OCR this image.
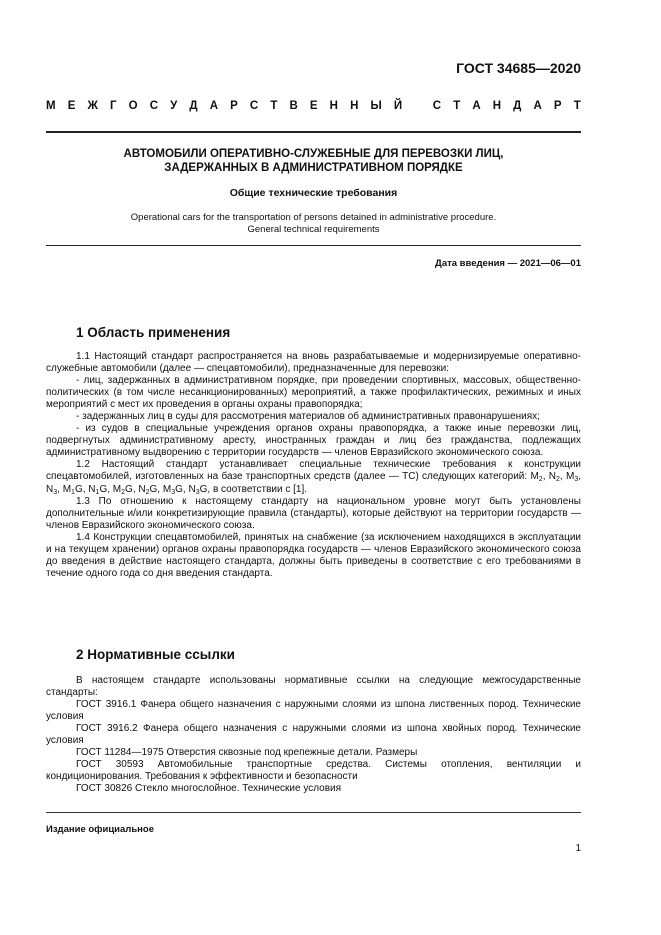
ГОСТ 34685—2020
М Е Ж Г О С У Д А Р С Т В Е Н Н Ы Й
	С Т А Н Д А Р Т
АВТОМОБИЛИ ОПЕРАТИВНО-СЛУЖЕБНЫЕ ДЛЯ ПЕРЕВОЗКИ ЛИЦ,
ЗАДЕРЖАННЫХ В АДМИНИСТРАТИВНОМ ПОРЯДКЕ
Общие технические требования
Operational cars for the transportation of persons detained in administrative procedure.
General technical requirements
Дата введения — 2021—06—01
1 Область применения

1.1 Настоящий стандарт распространяется на вновь разрабатываемые и модернизируемые оперативно-служебные автомобили (далее — спецавтомобили), предназначенные для перевозки:

- лиц, задержанных в административном порядке, при проведении спортивных, массовых, общественно-политических (в том числе несанкционированных) мероприятий, а также профилактических, режимных и иных мероприятий с мест их проведения в органы охраны правопорядка;

- задержанных лиц в суды для рассмотрения материалов об административных правонарушениях;

- из судов в специальные учреждения органов охраны правопорядка, а также иные перевозки лиц, подвергнутых административному аресту, иностранных граждан и лиц без гражданства, подлежащих административному выдворению с территории государств — членов Евразийского экономического союза.

1.2 Настоящий стандарт устанавливает специальные технические требования к конструкции спецавтомобилей, изготовленных на базе транспортных средств (далее — ТС) следующих категорий: $M_2$, $N_2$, $M_3$, $N_3$, $M_1G$, $N_1G$, $M_2G$, $N_2G$, $M_3G$, $N_3G$, в соответствии с [1].

1.3 По отношению к настоящему стандарту на национальном уровне могут быть установлены дополнительные и/или конкретизирующие правила (стандарты), которые действуют на территории государств — членов Евразийского экономического союза.

1.4 Конструкции спецавтомобилей, принятых на снабжение (за исключением находящихся в эксплуатации и на текущем хранении) органов охраны правопорядка государств — членов Евразийского экономического союза до введения в действие настоящего стандарта, должны быть приведены в соответствие с его требованиями в течение одного года со дня введения стандарта.

2 Нормативные ссылки

В настоящем стандарте использованы нормативные ссылки на следующие межгосударственные стандарты:

ГОСТ 3916.1 Фанера общего назначения с наружными слоями из шпона лиственных пород. Технические условия

ГОСТ 3916.2 Фанера общего назначения с наружными слоями из шпона хвойных пород. Технические условия

ГОСТ 11284—1975 Отверстия сквозные под крепежные детали. Размеры

ГОСТ 30593 Автомобильные транспортные средства. Системы отопления, вентиляции и кондиционирования. Требования к эффективности и безопасности

ГОСТ 30826 Стекло многослойное. Технические условия

Издание официальное
1
